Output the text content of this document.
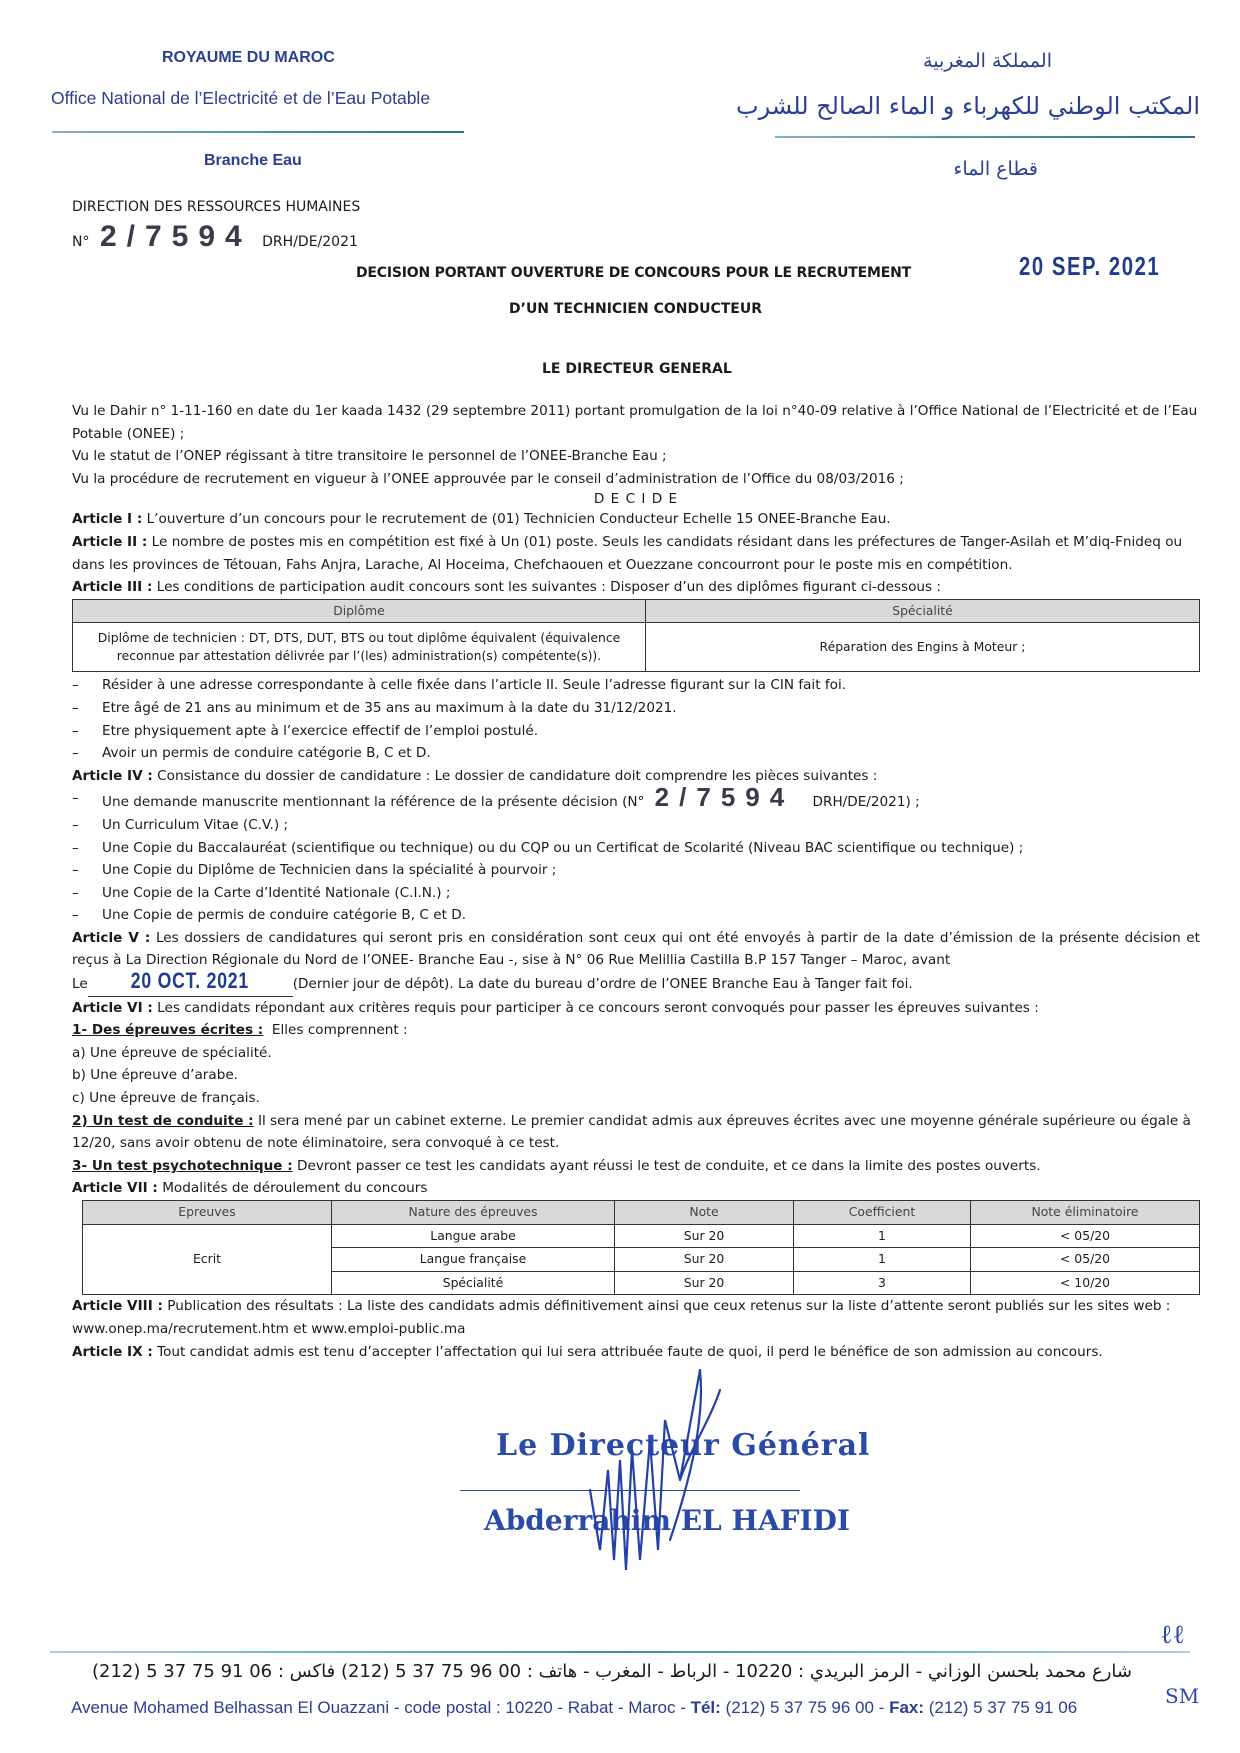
ROYAUME DU MAROC
Office National de l’Electricité et de l’Eau Potable
Branche Eau
المملكة المغربية
المكتب الوطني للكهرباء و الماء الصالح للشرب
قطاع الماء
DIRECTION DES RESSOURCES HUMAINES
N° 2/7594 DRH/DE/2021
20 SEP. 2021
DECISION PORTANT OUVERTURE DE CONCOURS POUR LE RECRUTEMENT
D’UN TECHNICIEN CONDUCTEUR
LE DIRECTEUR GENERAL

Vu le Dahir n° 1-11-160 en date du 1er kaada 1432 (29 septembre 2011) portant promulgation de la loi n°40-09 relative à l’Office National de l’Electricité et de l’Eau Potable (ONEE) ;

Vu le statut de l’ONEP régissant à titre transitoire le personnel de l’ONEE-Branche Eau ;

Vu la procédure de recrutement en vigueur à l’ONEE approuvée par le conseil d’administration de l’Office du 08/03/2016 ;

D E C I D E

Article I : L’ouverture d’un concours pour le recrutement de (01) Technicien Conducteur Echelle 15 ONEE-Branche Eau.

Article II : Le nombre de postes mis en compétition est fixé à Un (01) poste. Seuls les candidats résidant dans les préfectures de Tanger-Asilah et M’diq-Fnideq ou dans les provinces de Tétouan, Fahs Anjra, Larache, Al Hoceima, Chefchaouen et Ouezzane concourront pour le poste mis en compétition.

Article III : Les conditions de participation audit concours sont les suivantes : Disposer d’un des diplômes figurant ci-dessous :

Diplôme	Spécialité
Diplôme de technicien : DT, DTS, DUT, BTS ou tout diplôme équivalent (équivalence reconnue par attestation délivrée par l’(les) administration(s) compétente(s)).	Réparation des Engins à Moteur ;

– Résider à une adresse correspondante à celle fixée dans l’article II. Seule l’adresse figurant sur la CIN fait foi.

– Etre âgé de 21 ans au minimum et de 35 ans au maximum à la date du 31/12/2021.

– Etre physiquement apte à l’exercice effectif de l’emploi postulé.

– Avoir un permis de conduire catégorie B, C et D.

Article IV : Consistance du dossier de candidature : Le dossier de candidature doit comprendre les pièces suivantes :

– Une demande manuscrite mentionnant la référence de la présente décision (N° 2/7594 DRH/DE/2021) ;

– Un Curriculum Vitae (C.V.) ;

– Une Copie du Baccalauréat (scientifique ou technique) ou du CQP ou un Certificat de Scolarité (Niveau BAC scientifique ou technique) ;

– Une Copie du Diplôme de Technicien dans la spécialité à pourvoir ;

– Une Copie de la Carte d’Identité Nationale (C.I.N.) ;

– Une Copie de permis de conduire catégorie B, C et D.

Article V : Les dossiers de candidatures qui seront pris en considération sont ceux qui ont été envoyés à partir de la date d’émission de la présente décision et reçus à La Direction Régionale du Nord de l’ONEE- Branche Eau -, sise à N° 06 Rue Melillia Castilla B.P 157 Tanger – Maroc, avant

Le 20 OCT. 2021	(Dernier jour de dépôt). La date du bureau d’ordre de l’ONEE Branche Eau à Tanger fait foi.

Article VI : Les candidats répondant aux critères requis pour participer à ce concours seront convoqués pour passer les épreuves suivantes :

1- Des épreuves écrites : Elles comprennent :

a) Une épreuve de spécialité.

b) Une épreuve d’arabe.

c) Une épreuve de français.

2) Un test de conduite : Il sera mené par un cabinet externe. Le premier candidat admis aux épreuves écrites avec une moyenne générale supérieure ou égale à 12/20, sans avoir obtenu de note éliminatoire, sera convoqué à ce test.

3- Un test psychotechnique : Devront passer ce test les candidats ayant réussi le test de conduite, et ce dans la limite des postes ouverts.

Article VII : Modalités de déroulement du concours

Epreuves	Nature des épreuves	Note	Coefficient	Note éliminatoire
Ecrit	Langue arabe	Sur 20	1	< 05/20
	Langue française	Sur 20	1	< 05/20
	Spécialité	Sur 20	3	< 10/20

Article VIII : Publication des résultats : La liste des candidats admis définitivement ainsi que ceux retenus sur la liste d’attente seront publiés sur les sites web : www.onep.ma/recrutement.htm et www.emploi-public.ma

Article IX : Tout candidat admis est tenu d’accepter l’affectation qui lui sera attribuée faute de quoi, il perd le bénéfice de son admission au concours.

Le Directeur Général
Abderrahim EL HAFIDI
ℓℓ
شارع محمد بلحسن الوزاني - الرمز البريدي : 10220 - الرباط - المغرب - هاتف : 00 96 75 37 5 (212) فاكس : 06 91 75 37 5 (212)
Avenue Mohamed Belhassan El Ouazzani - code postal : 10220 - Rabat - Maroc - Tél: (212) 5 37 75 96 00 - Fax: (212) 5 37 75 91 06	SM
